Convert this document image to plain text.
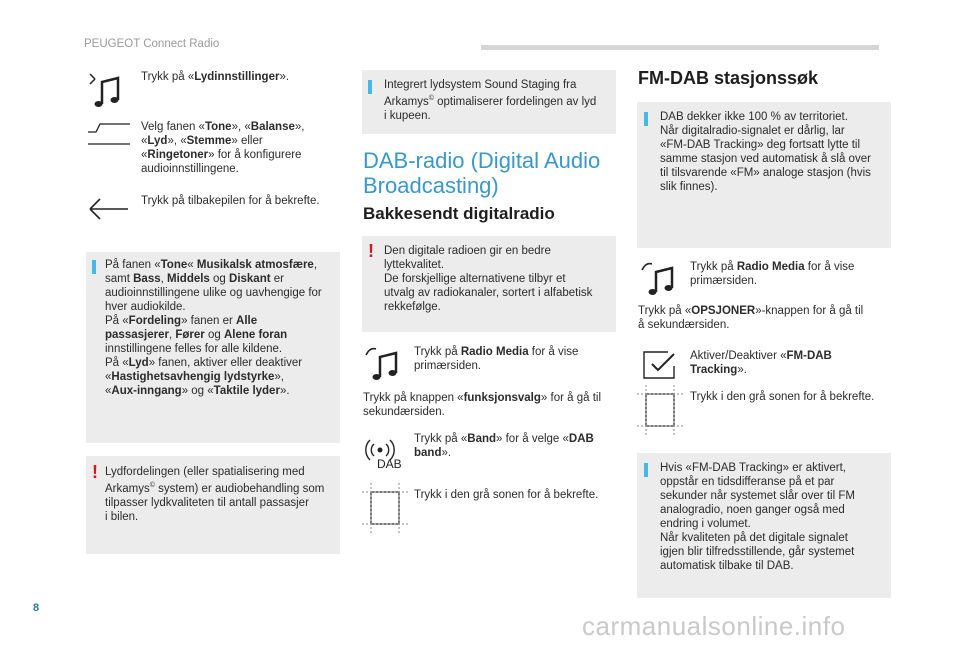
PEUGEOT Connect Radio
Trykk på «Lydinnstillinger».
Velg fanen «Tone», «Balanse»,
«Lyd», «Stemme» eller
«Ringetoner» for å konfigurere
audioinnstillingene.
Trykk på tilbakepilen for å bekrefte.
På fanen «Tone« Musikalsk atmosfære,
samt Bass, Middels og Diskant er
audioinnstillingene ulike og uavhengige for
hver audiokilde.
På «Fordeling» fanen er Alle
passasjerer, Fører og Alene foran
innstillingene felles for alle kildene.
På «Lyd» fanen, aktiver eller deaktiver
«Hastighetsavhengig lydstyrke»,
«Aux-inngang» og «Taktile lyder».
! Lydfordelingen (eller spatialisering med
Arkamys© system) er audiobehandling som
tilpasser lydkvaliteten til antall passasjer
i bilen.
Integrert lydsystem Sound Staging fra
Arkamys© optimaliserer fordelingen av lyd
i kupeen.
DAB-radio (Digital Audio
Broadcasting)
Bakkesendt digitalradio
! Den digitale radioen gir en bedre
lyttekvalitet.
De forskjellige alternativene tilbyr et
utvalg av radiokanaler, sortert i alfabetisk
rekkefølge.
Trykk på Radio Media for å vise
primærsiden.
Trykk på knappen «funksjonsvalg» for å gå til
sekundærsiden.
DAB
Trykk på «Band» for å velge «DAB
band».
Trykk i den grå sonen for å bekrefte.
FM-DAB stasjonssøk
DAB dekker ikke 100 % av territoriet.
Når digitalradio-signalet er dårlig, lar
«FM-DAB Tracking» deg fortsatt lytte til
samme stasjon ved automatisk å slå over
til tilsvarende «FM» analoge stasjon (hvis
slik finnes).
Trykk på Radio Media for å vise
primærsiden.
Trykk på «OPSJONER»-knappen for å gå til
å sekundærsiden.
Aktiver/Deaktiver «FM-DAB
Tracking».
Trykk i den grå sonen for å bekrefte.
Hvis «FM-DAB Tracking» er aktivert,
oppstår en tidsdifferanse på et par
sekunder når systemet slår over til FM
analogradio, noen ganger også med
endring i volumet.
Når kvaliteten på det digitale signalet
igjen blir tilfredsstillende, går systemet
automatisk tilbake til DAB.
8
carmanualsonline.info
